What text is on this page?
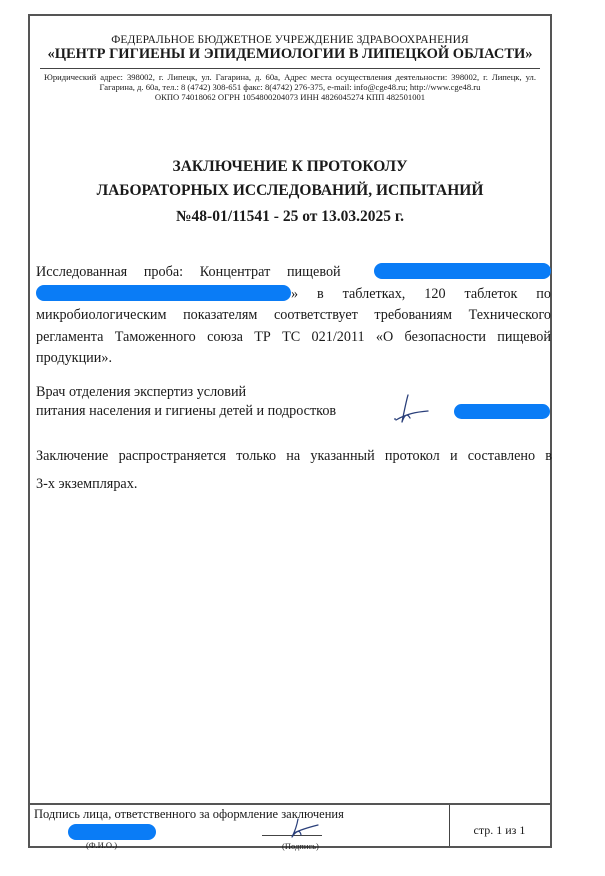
ФЕДЕРАЛЬНОЕ БЮДЖЕТНОЕ УЧРЕЖДЕНИЕ ЗДРАВООХРАНЕНИЯ
«ЦЕНТР ГИГИЕНЫ И ЭПИДЕМИОЛОГИИ В ЛИПЕЦКОЙ ОБЛАСТИ»
Юридический адрес: 398002, г. Липецк, ул. Гагарина, д. 60а, Адрес места осуществления деятельности: 398002, г. Липецк, ул.
Гагарина, д. 60а, тел.: 8 (4742) 308-651 факс: 8(4742) 276-375, e-mail: info@cge48.ru; http://www.cge48.ru
ОКПО 74018062 ОГРН 1054800204073 ИНН 4826045274 КПП 482501001
ЗАКЛЮЧЕНИЕ К ПРОТОКОЛУ
ЛАБОРАТОРНЫХ ИССЛЕДОВАНИЙ, ИСПЫТАНИЙ
№48-01/11541 - 25 от 13.03.2025 г.
Исследованная проба: Концентрат пищевой
» в таблетках, 120 таблеток по
микробиологическим показателям соответствует требованиям Технического
регламента Таможенного союза ТР ТС 021/2011 «О безопасности пищевой
продукции».
Врач отделения экспертиз условий
питания населения и гигиены детей и подростков
Заключение распространяется только на указанный протокол и составлено в
3-х экземплярах.
Подпись лица, ответственного за оформление заключения
(Ф.И.О.)	(Подпись)
стр. 1 из 1
